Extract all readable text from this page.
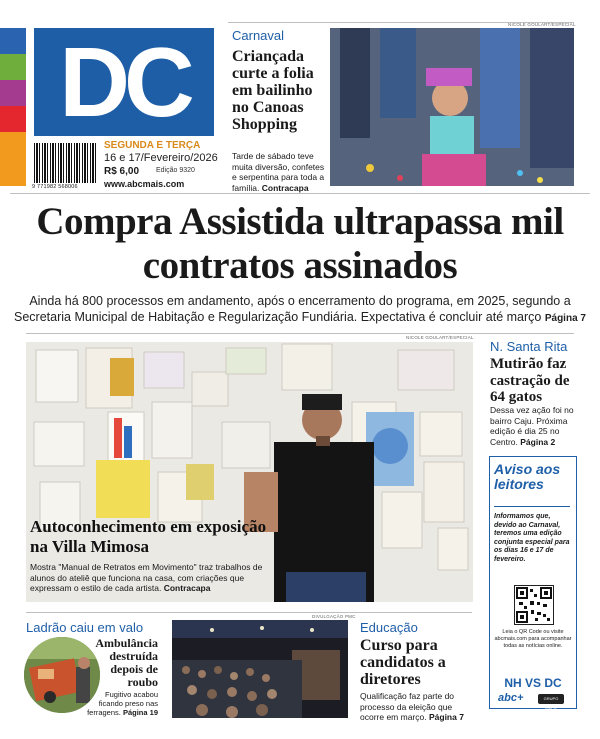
DC
9 771982 568006
SEGUNDA E TERÇA
16 e 17/Fevereiro/2026
R$ 6,00 Edição 9320
www.abcmais.com
Carnaval
Criançada curte a folia em bailinho no Canoas Shopping
Tarde de sábado teve muita diversão, confetes e serpentina para toda a família. Contracapa
NICOLE GOULART/ESPECIAL
Compra Assistida ultrapassa mil contratos assinados
Ainda há 800 processos em andamento, após o encerramento do programa, em 2025, segundo a Secretaria Municipal de Habitação e Regularização Fundiária. Expectativa é concluir até março Página 7
NICOLE GOULART/ESPECIAL
Autoconhecimento em exposição na Villa Mimosa
Mostra "Manual de Retratos em Movimento" traz trabalhos de alunos do ateliê que funciona na casa, com criações que expressam o estilo de cada artista. Contracapa
N. Santa Rita
Mutirão faz castração de 64 gatos
Dessa vez ação foi no bairro Caju. Próxima edição é dia 25 no Centro. Página 2
Aviso aos leitores
Informamos que, devido ao Carnaval, teremos uma edição conjunta especial para os dias 16 e 17 de fevereiro.
Leia o QR Code ou visite abcmais.com para acompanhar todas as notícias online.
NH VS DC
abc+	GRUPO SINOS
Ladrão caiu em valo
Ambulância destruída depois de roubo
Fugitivo acabou ficando preso nas ferragens. Página 19
DIVULGAÇÃO PMC
Educação
Curso para candidatos a diretores
Qualificação faz parte do processo da eleição que ocorre em março. Página 7
